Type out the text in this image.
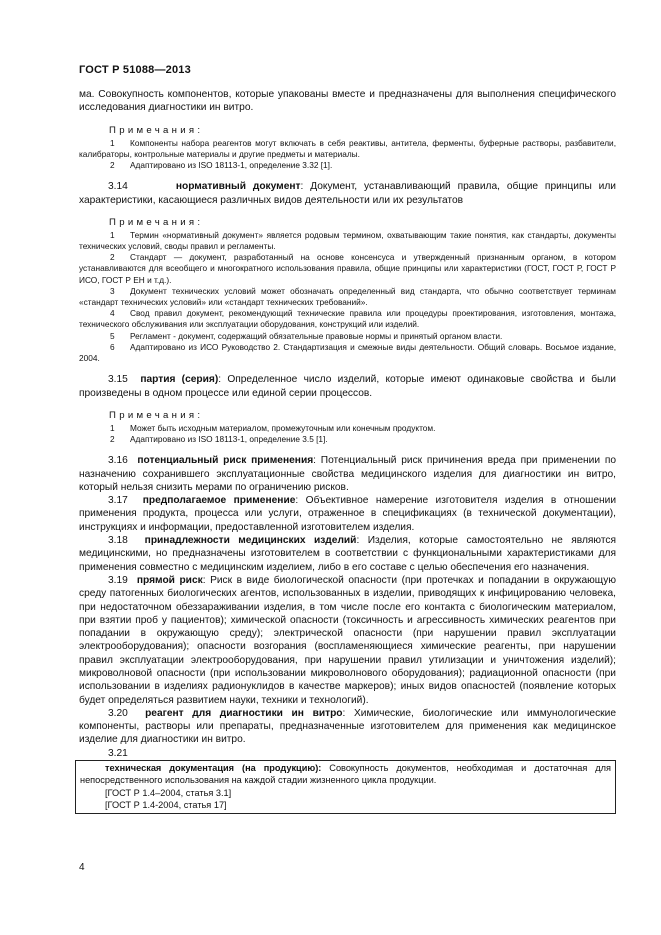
ГОСТ Р 51088—2013

ма. Совокупность компонентов, которые упакованы вместе и предназначены для выполнения специфического исследования диагностики ин витро.

Примечания:

1 Компоненты набора реагентов могут включать в себя реактивы, антитела, ферменты, буферные растворы, разбавители, калибраторы, контрольные материалы и другие предметы и материалы.

2 Адаптировано из ISO 18113-1, определение 3.32 [1].

3.14	нормативный документ: Документ, устанавливающий правила, общие принципы или характеристики, касающиеся различных видов деятельности или их результатов

Примечания:

1 Термин «нормативный документ» является родовым термином, охватывающим такие понятия, как стандарты, документы технических условий, своды правил и регламенты.

2 Стандарт — документ, разработанный на основе консенсуса и утвержденный признанным органом, в котором устанавливаются для всеобщего и многократного использования правила, общие принципы или характеристики (ГОСТ, ГОСТ Р, ГОСТ Р ИСО, ГОСТ Р ЕН и т.д.).

3 Документ технических условий может обозначать определенный вид стандарта, что обычно соответствует терминам «стандарт технических условий» или «стандарт технических требований».

4 Свод правил документ, рекомендующий технические правила или процедуры проектирования, изготовления, монтажа, технического обслуживания или эксплуатации оборудования, конструкций или изделий.

5 Регламент - документ, содержащий обязательные правовые нормы и принятый органом власти.

6 Адаптировано из ИСО Руководство 2. Стандартизация и смежные виды деятельности. Общий словарь. Восьмое издание, 2004.

3.15 партия (серия): Определенное число изделий, которые имеют одинаковые свойства и были произведены в одном процессе или единой серии процессов.

Примечания:

1 Может быть исходным материалом, промежуточным или конечным продуктом.

2 Адаптировано из ISO 18113-1, определение 3.5 [1].

3.16 потенциальный риск применения: Потенциальный риск причинения вреда при применении по назначению сохранившего эксплуатационные свойства медицинского изделия для диагностики ин витро, который нельзя снизить мерами по ограничению рисков.

3.17 предполагаемое применение: Объективное намерение изготовителя изделия в отношении применения продукта, процесса или услуги, отраженное в спецификациях (в технической документации), инструкциях и информации, предоставленной изготовителем изделия.

3.18 принадлежности медицинских изделий: Изделия, которые самостоятельно не являются медицинскими, но предназначены изготовителем в соответствии с функциональными характеристиками для применения совместно с медицинским изделием, либо в его составе с целью обеспечения его назначения.

3.19 прямой риск: Риск в виде биологической опасности (при протечках и попадании в окружающую среду патогенных биологических агентов, использованных в изделии, приводящих к инфицированию человека, при недостаточном обеззараживании изделия, в том числе после его контакта с биологическим материалом, при взятии проб у пациентов); химической опасности (токсичность и агрессивность химических реагентов при попадании в окружающую среду); электрической опасности (при нарушении правил эксплуатации электрооборудования); опасности возгорания (воспламеняющиеся химические реагенты, при нарушении правил эксплуатации электрооборудования, при нарушении правил утилизации и уничтожения изделий); микроволновой опасности (при использовании микроволнового оборудования); радиационной опасности (при использовании в изделиях радионуклидов в качестве маркеров); иных видов опасностей (появление которых будет определяться развитием науки, техники и технологий).

3.20 реагент для диагностики ин витро: Химические, биологические или иммунологические компоненты, растворы или препараты, предназначенные изготовителем для применения как медицинское изделие для диагностики ин витро.

3.21

техническая документация (на продукцию): Совокупность документов, необходимая и достаточная для непосредственного использования на каждой стадии жизненного цикла продукции.

[ГОСТ Р 1.4–2004, статья 3.1]

[ГОСТ Р 1.4-2004, статья 17]

4
